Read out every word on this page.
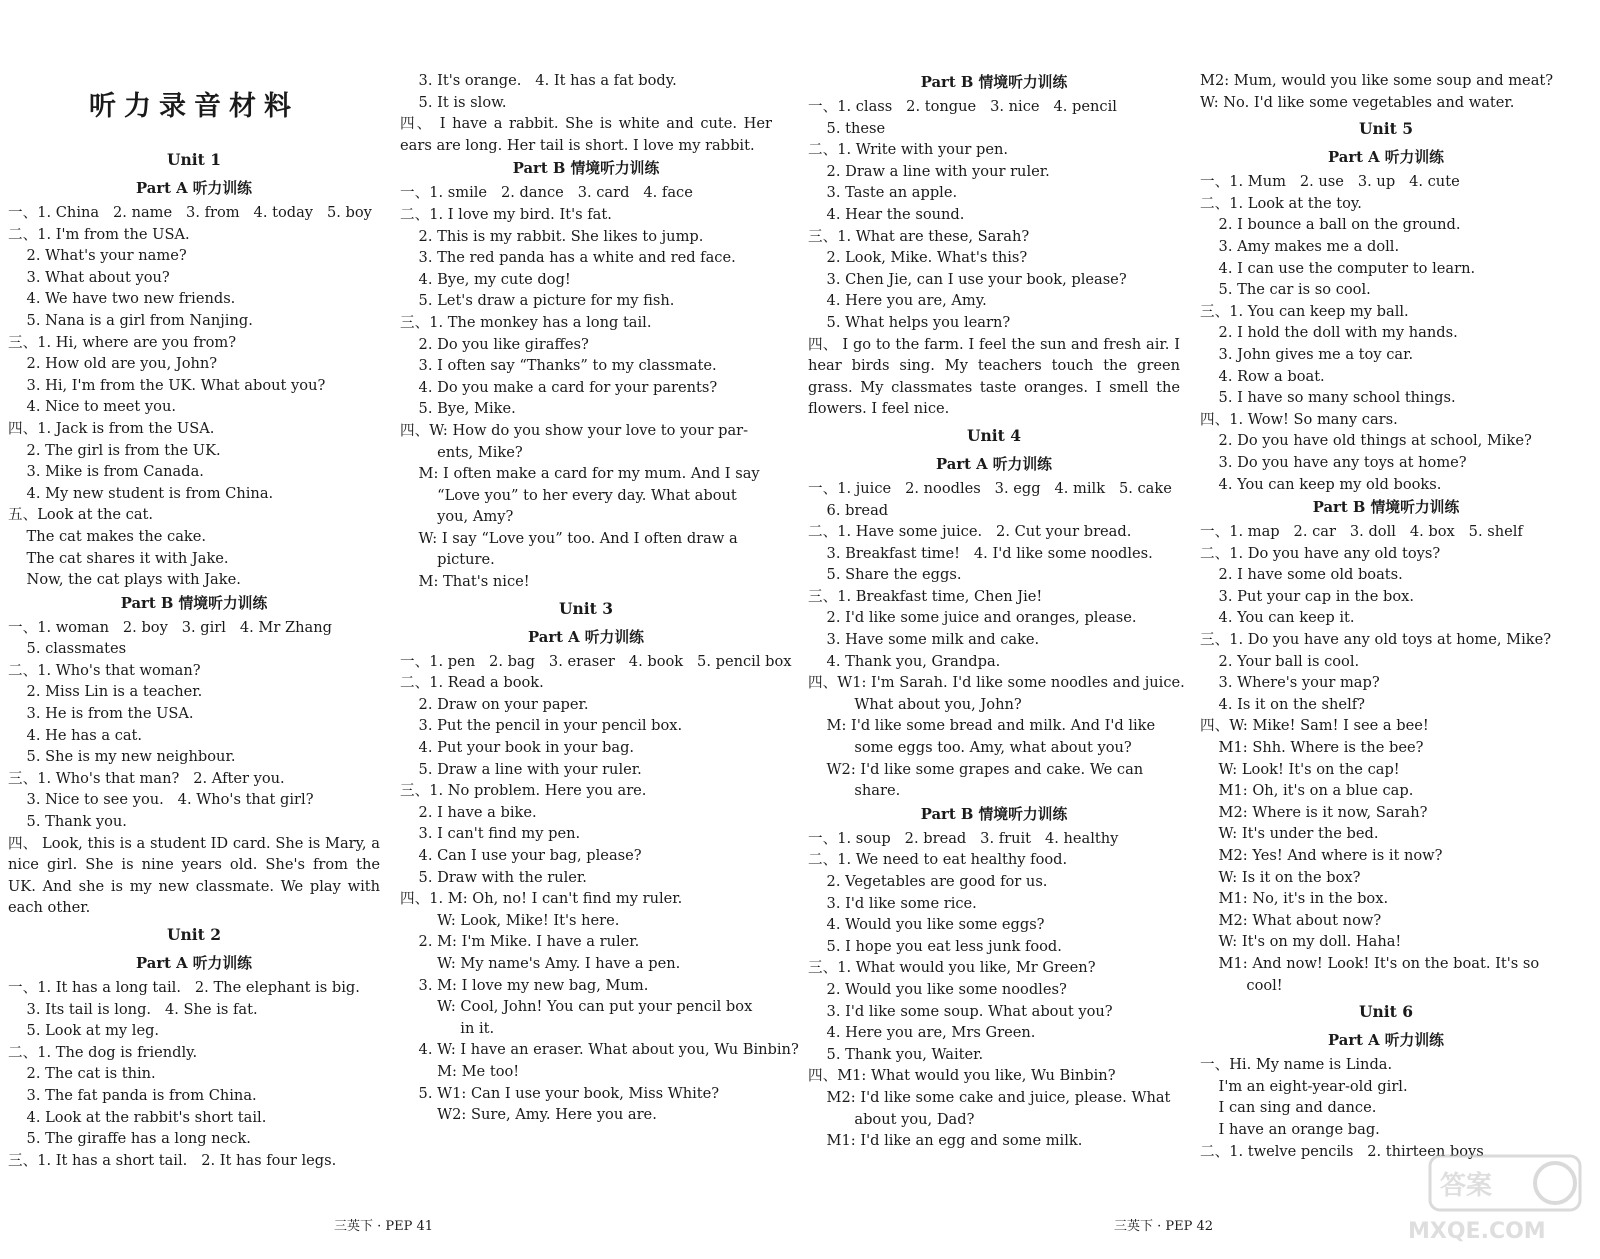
听力录音材料
Unit 1
Part A 听力训练
一、1. China   2. name   3. from   4. today   5. boy
二、1. I'm from the USA.
2. What's your name?
3. What about you?
4. We have two new friends.
5. Nana is a girl from Nanjing.
三、1. Hi, where are you from?
2. How old are you, John?
3. Hi, I'm from the UK. What about you?
4. Nice to meet you.
四、1. Jack is from the USA.
2. The girl is from the UK.
3. Mike is from Canada.
4. My new student is from China.
五、Look at the cat.
The cat makes the cake.
The cat shares it with Jake.
Now, the cat plays with Jake.
Part B 情境听力训练
一、1. woman   2. boy   3. girl   4. Mr Zhang
5. classmates
二、1. Who's that woman?
2. Miss Lin is a teacher.
3. He is from the USA.
4. He has a cat.
5. She is my new neighbour.
三、1. Who's that man?   2. After you.
3. Nice to see you.   4. Who's that girl?
5. Thank you.
四、 Look, this is a student ID card. She is Mary, a nice girl. She is nine years old. She's from the UK. And she is my new classmate. We play with each other.
Unit 2
Part A 听力训练
一、1. It has a long tail.   2. The elephant is big.
3. Its tail is long.   4. She is fat.
5. Look at my leg.
二、1. The dog is friendly.
2. The cat is thin.
3. The fat panda is from China.
4. Look at the rabbit's short tail.
5. The giraffe has a long neck.
三、1. It has a short tail.   2. It has four legs.
3. It's orange.   4. It has a fat body.
5. It is slow.
四、 I have a rabbit. She is white and cute. Her ears are long. Her tail is short. I love my rabbit.
Part B 情境听力训练
一、1. smile   2. dance   3. card   4. face
二、1. I love my bird. It's fat.
2. This is my rabbit. She likes to jump.
3. The red panda has a white and red face.
4. Bye, my cute dog!
5. Let's draw a picture for my fish.
三、1. The monkey has a long tail.
2. Do you like giraffes?
3. I often say “Thanks” to my classmate.
4. Do you make a card for your parents?
5. Bye, Mike.
四、W: How do you show your love to your par-
ents, Mike?
M: I often make a card for my mum. And I say
“Love you” to her every day. What about
you, Amy?
W: I say “Love you” too. And I often draw a
picture.
M: That's nice!
Unit 3
Part A 听力训练
一、1. pen   2. bag   3. eraser   4. book   5. pencil box
二、1. Read a book.
2. Draw on your paper.
3. Put the pencil in your pencil box.
4. Put your book in your bag.
5. Draw a line with your ruler.
三、1. No problem. Here you are.
2. I have a bike.
3. I can't find my pen.
4. Can I use your bag, please?
5. Draw with the ruler.
四、1. M: Oh, no! I can't find my ruler.
W: Look, Mike! It's here.
2. M: I'm Mike. I have a ruler.
W: My name's Amy. I have a pen.
3. M: I love my new bag, Mum.
W: Cool, John! You can put your pencil box
in it.
4. W: I have an eraser. What about you, Wu Binbin?
M: Me too!
5. W1: Can I use your book, Miss White?
W2: Sure, Amy. Here you are.
Part B 情境听力训练
一、1. class   2. tongue   3. nice   4. pencil
5. these
二、1. Write with your pen.
2. Draw a line with your ruler.
3. Taste an apple.
4. Hear the sound.
三、1. What are these, Sarah?
2. Look, Mike. What's this?
3. Chen Jie, can I use your book, please?
4. Here you are, Amy.
5. What helps you learn?
四、 I go to the farm. I feel the sun and fresh air. I hear birds sing. My teachers touch the green grass. My classmates taste oranges. I smell the flowers. I feel nice.
Unit 4
Part A 听力训练
一、1. juice   2. noodles   3. egg   4. milk   5. cake
6. bread
二、1. Have some juice.   2. Cut your bread.
3. Breakfast time!   4. I'd like some noodles.
5. Share the eggs.
三、1. Breakfast time, Chen Jie!
2. I'd like some juice and oranges, please.
3. Have some milk and cake.
4. Thank you, Grandpa.
四、W1: I'm Sarah. I'd like some noodles and juice.
What about you, John?
M: I'd like some bread and milk. And I'd like
some eggs too. Amy, what about you?
W2: I'd like some grapes and cake. We can
share.
Part B 情境听力训练
一、1. soup   2. bread   3. fruit   4. healthy
二、1. We need to eat healthy food.
2. Vegetables are good for us.
3. I'd like some rice.
4. Would you like some eggs?
5. I hope you eat less junk food.
三、1. What would you like, Mr Green?
2. Would you like some noodles?
3. I'd like some soup. What about you?
4. Here you are, Mrs Green.
5. Thank you, Waiter.
四、M1: What would you like, Wu Binbin?
M2: I'd like some cake and juice, please. What
about you, Dad?
M1: I'd like an egg and some milk.
M2: Mum, would you like some soup and meat?
W: No. I'd like some vegetables and water.
Unit 5
Part A 听力训练
一、1. Mum   2. use   3. up   4. cute
二、1. Look at the toy.
2. I bounce a ball on the ground.
3. Amy makes me a doll.
4. I can use the computer to learn.
5. The car is so cool.
三、1. You can keep my ball.
2. I hold the doll with my hands.
3. John gives me a toy car.
4. Row a boat.
5. I have so many school things.
四、1. Wow! So many cars.
2. Do you have old things at school, Mike?
3. Do you have any toys at home?
4. You can keep my old books.
Part B 情境听力训练
一、1. map   2. car   3. doll   4. box   5. shelf
二、1. Do you have any old toys?
2. I have some old boats.
3. Put your cap in the box.
4. You can keep it.
三、1. Do you have any old toys at home, Mike?
2. Your ball is cool.
3. Where's your map?
4. Is it on the shelf?
四、W: Mike! Sam! I see a bee!
M1: Shh. Where is the bee?
W: Look! It's on the cap!
M1: Oh, it's on a blue cap.
M2: Where is it now, Sarah?
W: It's under the bed.
M2: Yes! And where is it now?
W: Is it on the box?
M1: No, it's in the box.
M2: What about now?
W: It's on my doll. Haha!
M1: And now! Look! It's on the boat. It's so
cool!
Unit 6
Part A 听力训练
一、Hi. My name is Linda.
I'm an eight-year-old girl.
I can sing and dance.
I have an orange bag.
二、1. twelve pencils   2. thirteen boys
三英下 · PEP 41	三英下 · PEP 42
答案
MXQE.COM
